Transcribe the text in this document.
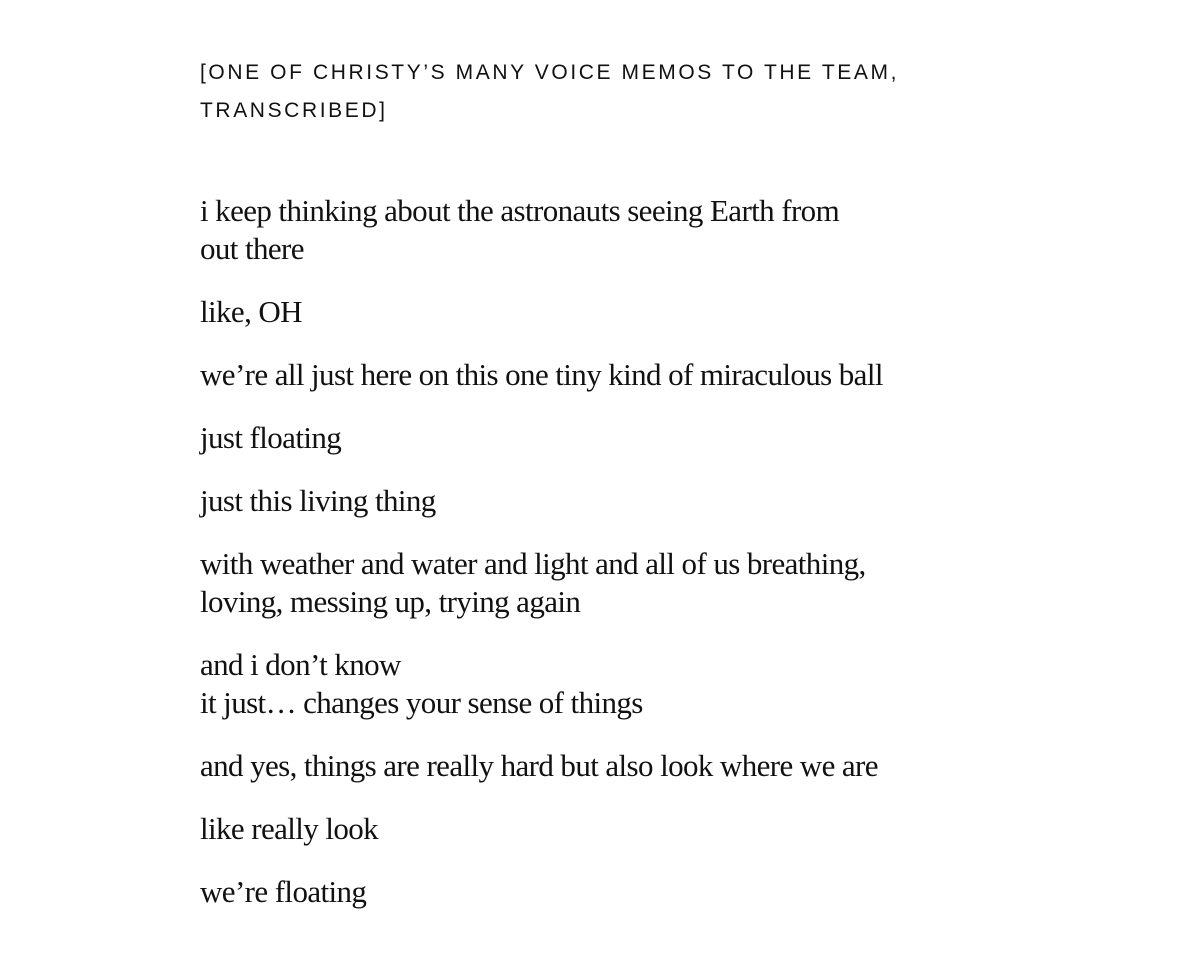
[ONE OF CHRISTY’S MANY VOICE MEMOS TO THE TEAM,
TRANSCRIBED]
i keep thinking about the astronauts seeing Earth from
out there
like, OH
we’re all just here on this one tiny kind of miraculous ball
just floating
just this living thing
with weather and water and light and all of us breathing,
loving, messing up, trying again
and i don’t know
it just… changes your sense of things
and yes, things are really hard but also look where we are
like really look
we’re floating
